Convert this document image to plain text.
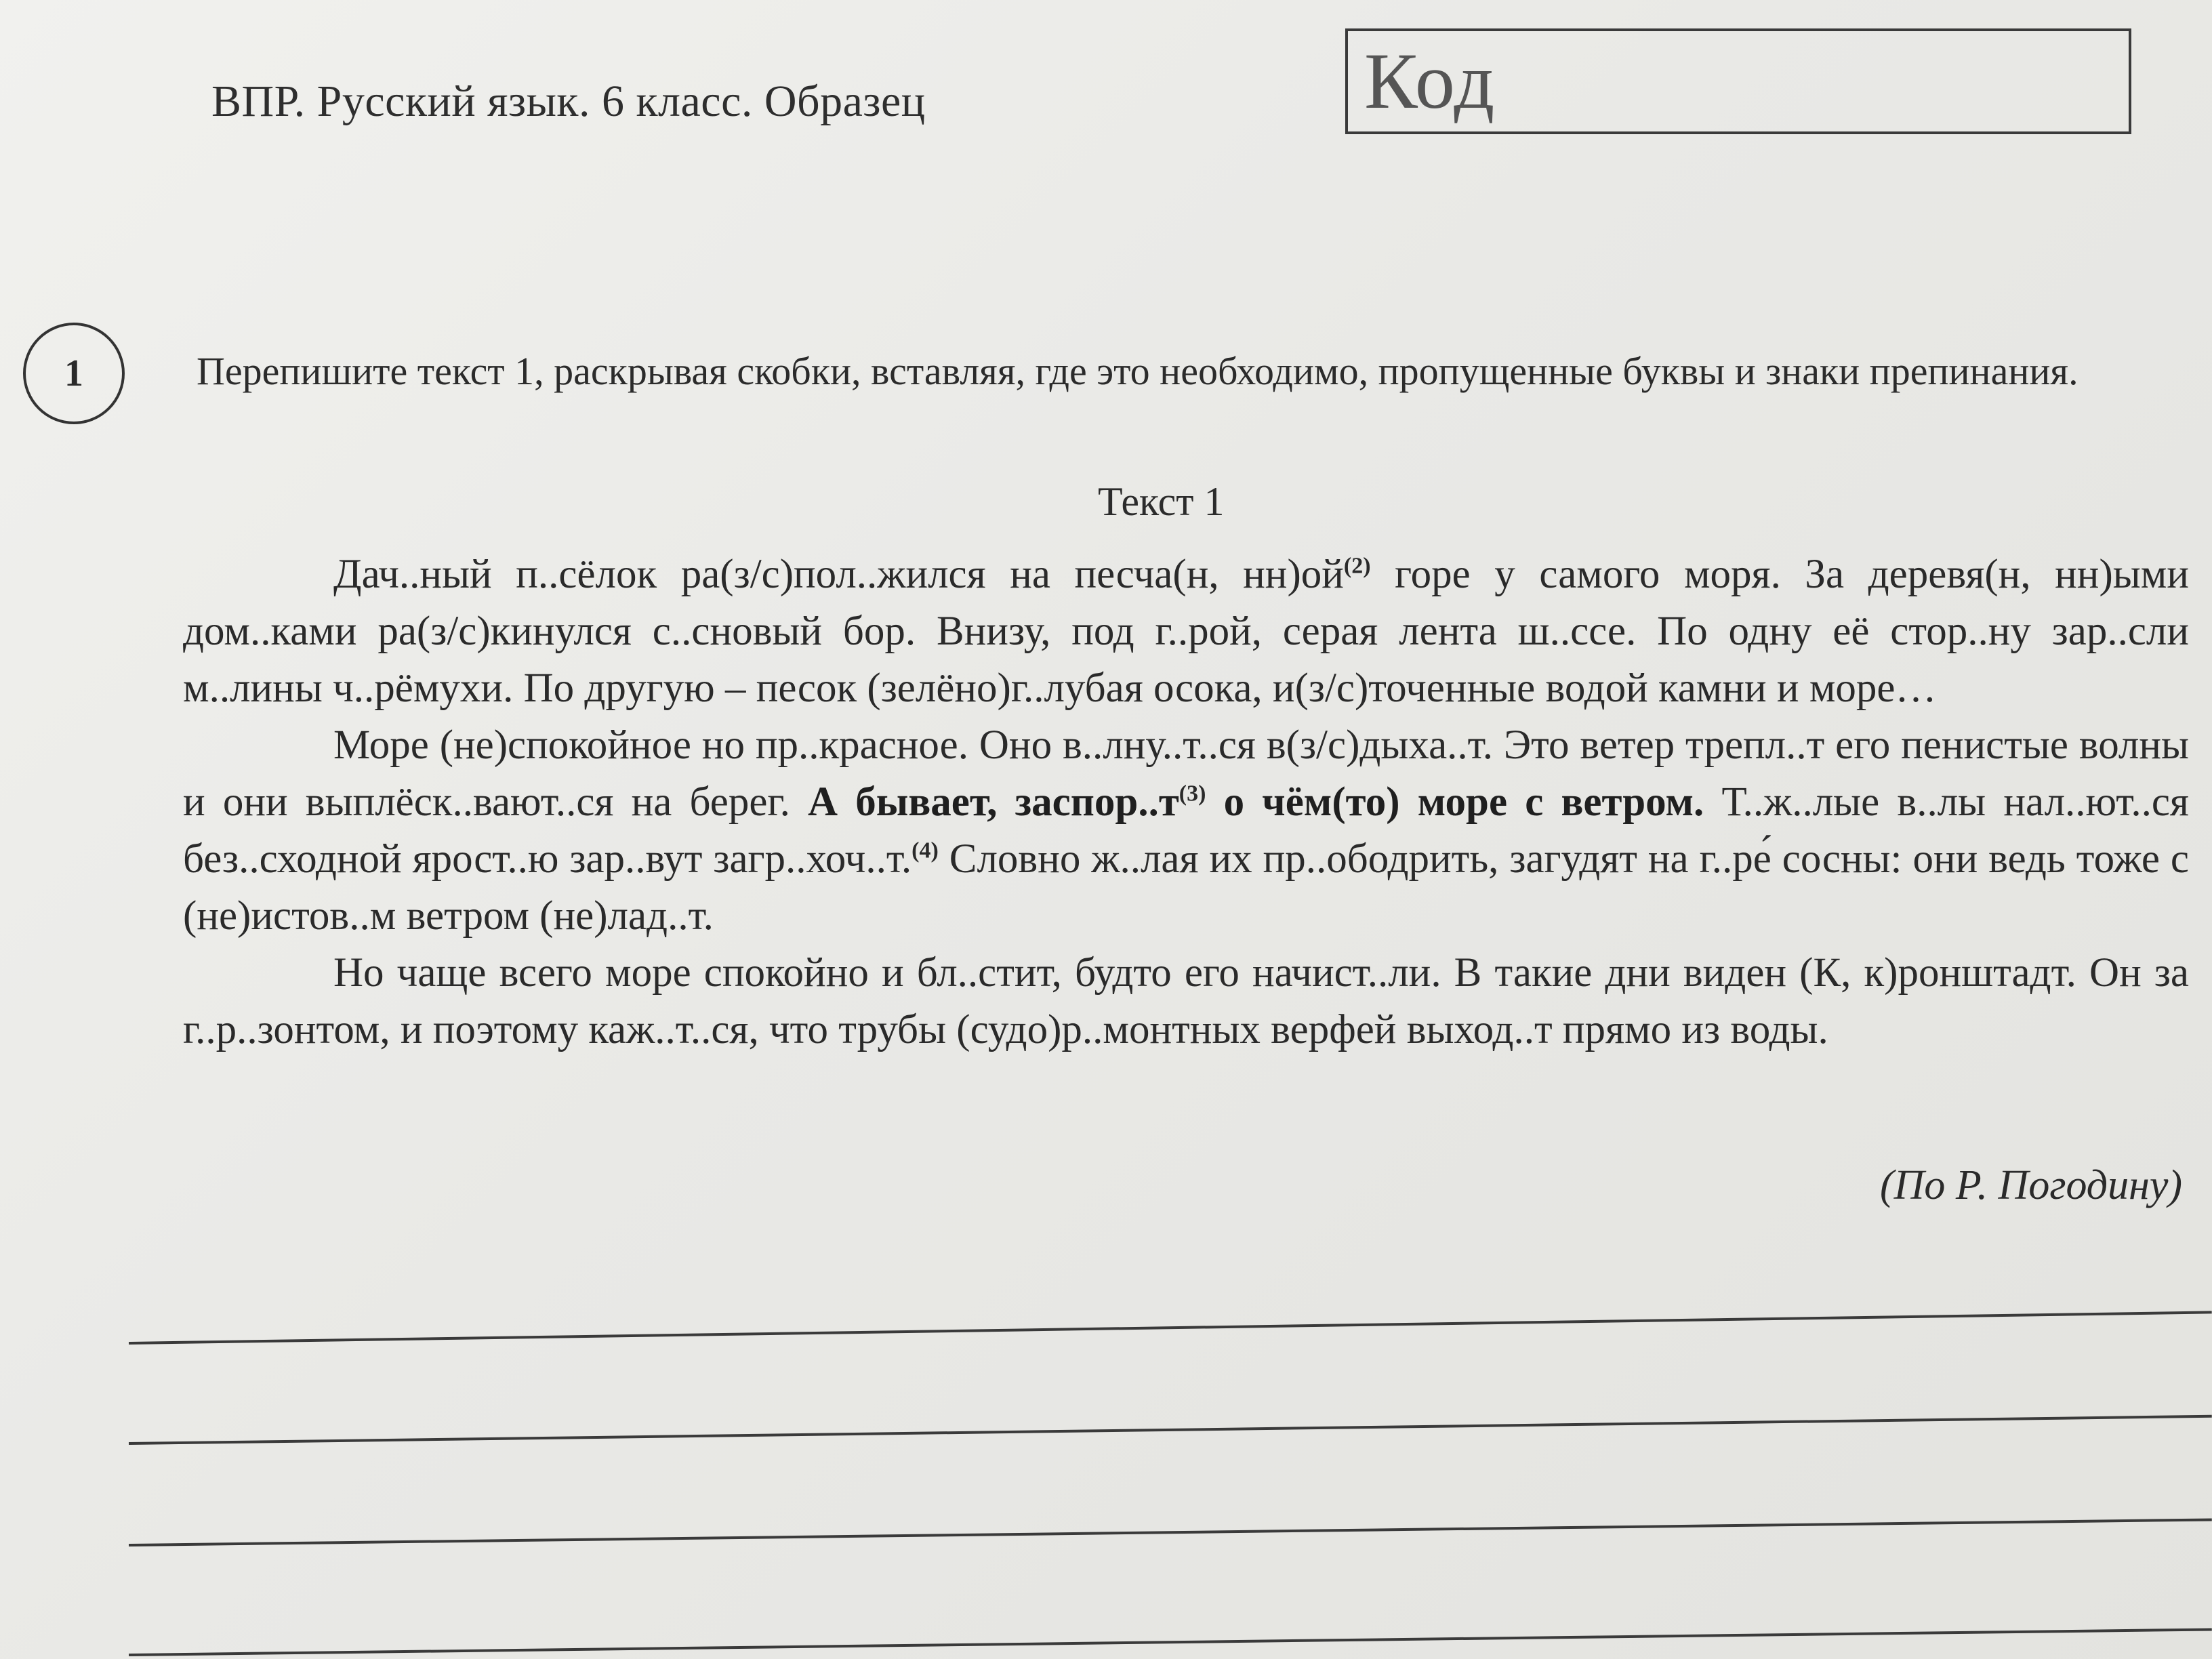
ВПР. Русский язык. 6 класс. Образец	Код
1	Перепишите текст 1, раскрывая скобки, вставляя, где это необходимо, пропущенные буквы и знаки препинания.
Текст 1

Дач..ный п..сёлок ра(з/с)пол..жился на песча(н, $нн)ой^{(2)}$ горе у самого моря. За деревя(н, нн)ыми дом..ками ра(з/с)кинулся с..сновый бор. Внизу, под г..рой, серая лента ш..ссе. По одну её стор..ну зар..сли м..лины ч..рёмухи. По другую – песок (зелёно)г..лубая осока, и(з/с)точенные водой камни и море…

Море (не)спокойное но пр..красное. Оно в..лну..т..ся в(з/с)дыха..т. Это ветер трепл..т его пенистые волны и они выплёск..вают..ся на берег. А бывает, $заспор..т^{(3)}$ о чём(то) море с ветром. Т..ж..лые в..лы нал..ют..ся без..сходной ярост..ю зар..вут загр..хоч..т.$^{(4)}$ Словно ж..лая их пр..ободрить, загудят на г..ре́ сосны: они ведь тоже с (не)истов..м ветром (не)лад..т.

Но чаще всего море спокойно и бл..стит, будто его начист..ли. В такие дни виден (К, к)ронштадт. Он за г..р..зонтом, и поэтому каж..т..ся, что трубы (судо)р..монтных верфей выход..т прямо из воды.

(По Р. Погодину)
